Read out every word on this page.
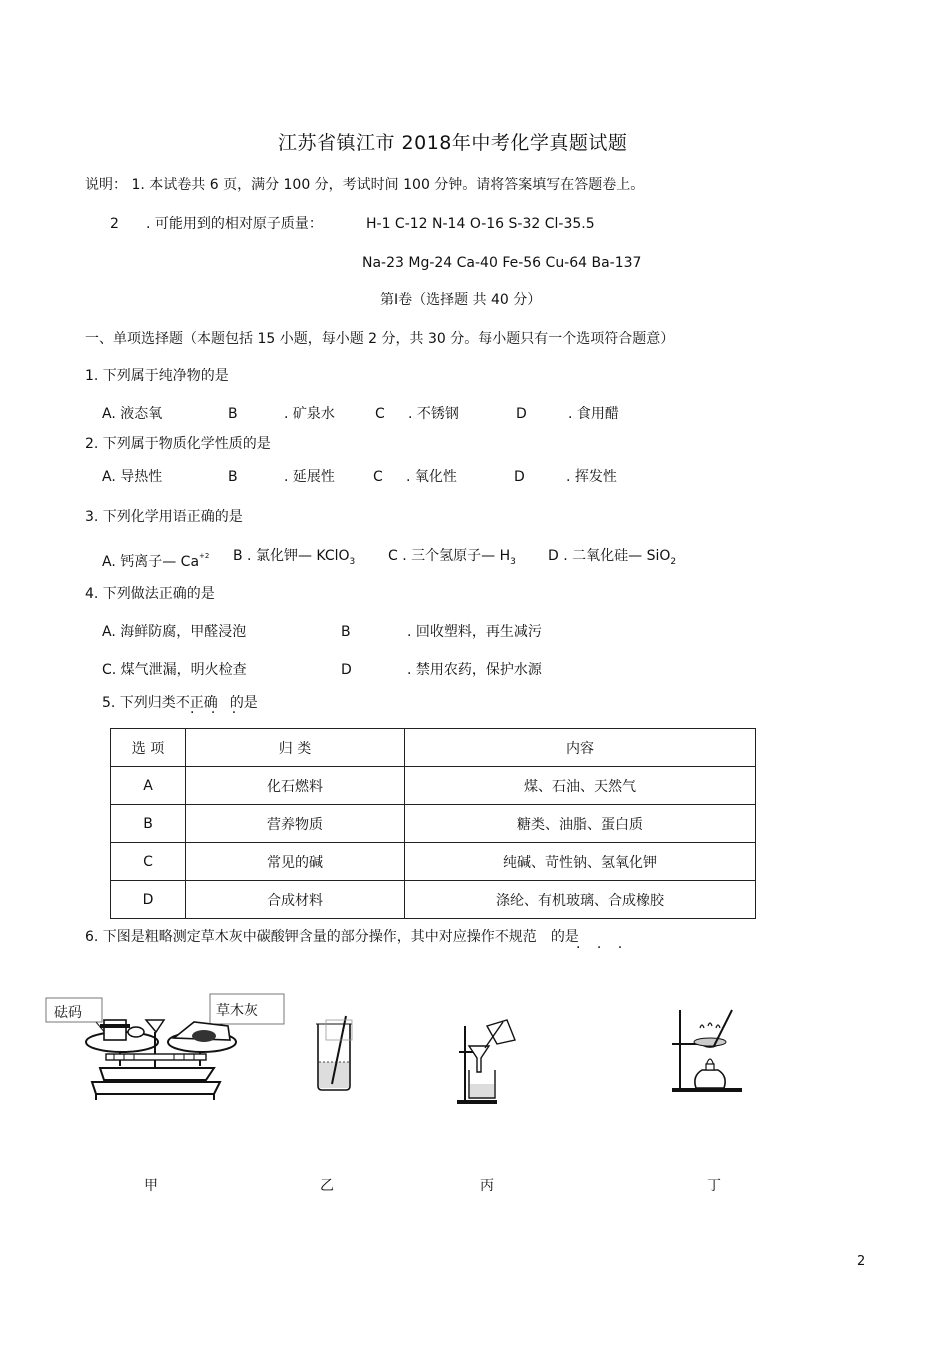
江苏省镇江市 2018年中考化学真题试题
说明： 1. 本试卷共 6 页，满分 100 分，考试时间 100 分钟。请将答案填写在答题卷上。
2 . 可能用到的相对原子质量：	H-1 C-12 N-14 O-16 S-32 Cl-35.5
Na-23 Mg-24 Ca-40 Fe-56 Cu-64 Ba-137
第Ⅰ卷（选择题 共 40 分）
一、单项选择题（本题包括 15 小题，每小题 2 分，共 30 分。每小题只有一个选项符合题意）
1. 下列属于纯净物的是
A. 液态氧	B	. 矿泉水	C . 不锈钢	D	. 食用醋
2. 下列属于物质化学性质的是
A. 导热性	B	. 延展性	C . 氧化性	D	. 挥发性
3. 下列化学用语正确的是
A. 钙离子— $Ca^{+2}$ B . 氯化钾— KClO$_3$ C . 三个氢原子— $H_3$ D . 二氧化硅— SiO$_2$
4. 下列做法正确的是
A. 海鲜防腐，甲醛浸泡	B	. 回收塑料，再生减污
C. 煤气泄漏，明火检查	D	. 禁用农药，保护水源
5. 下列归类不正确 的是
· · ·
选 项	归 类	内容
A	化石燃料	煤、石油、天然气
B	营养物质	糖类、油脂、蛋白质
C	常见的碱	纯碱、苛性钠、氢氧化钾
D	合成材料	涤纶、有机玻璃、合成橡胶
6. 下图是粗略测定草木灰中碳酸钾含量的部分操作，其中对应操作不规范 的是
· · ·
砝码	草木灰
甲	乙	丙	丁
2
